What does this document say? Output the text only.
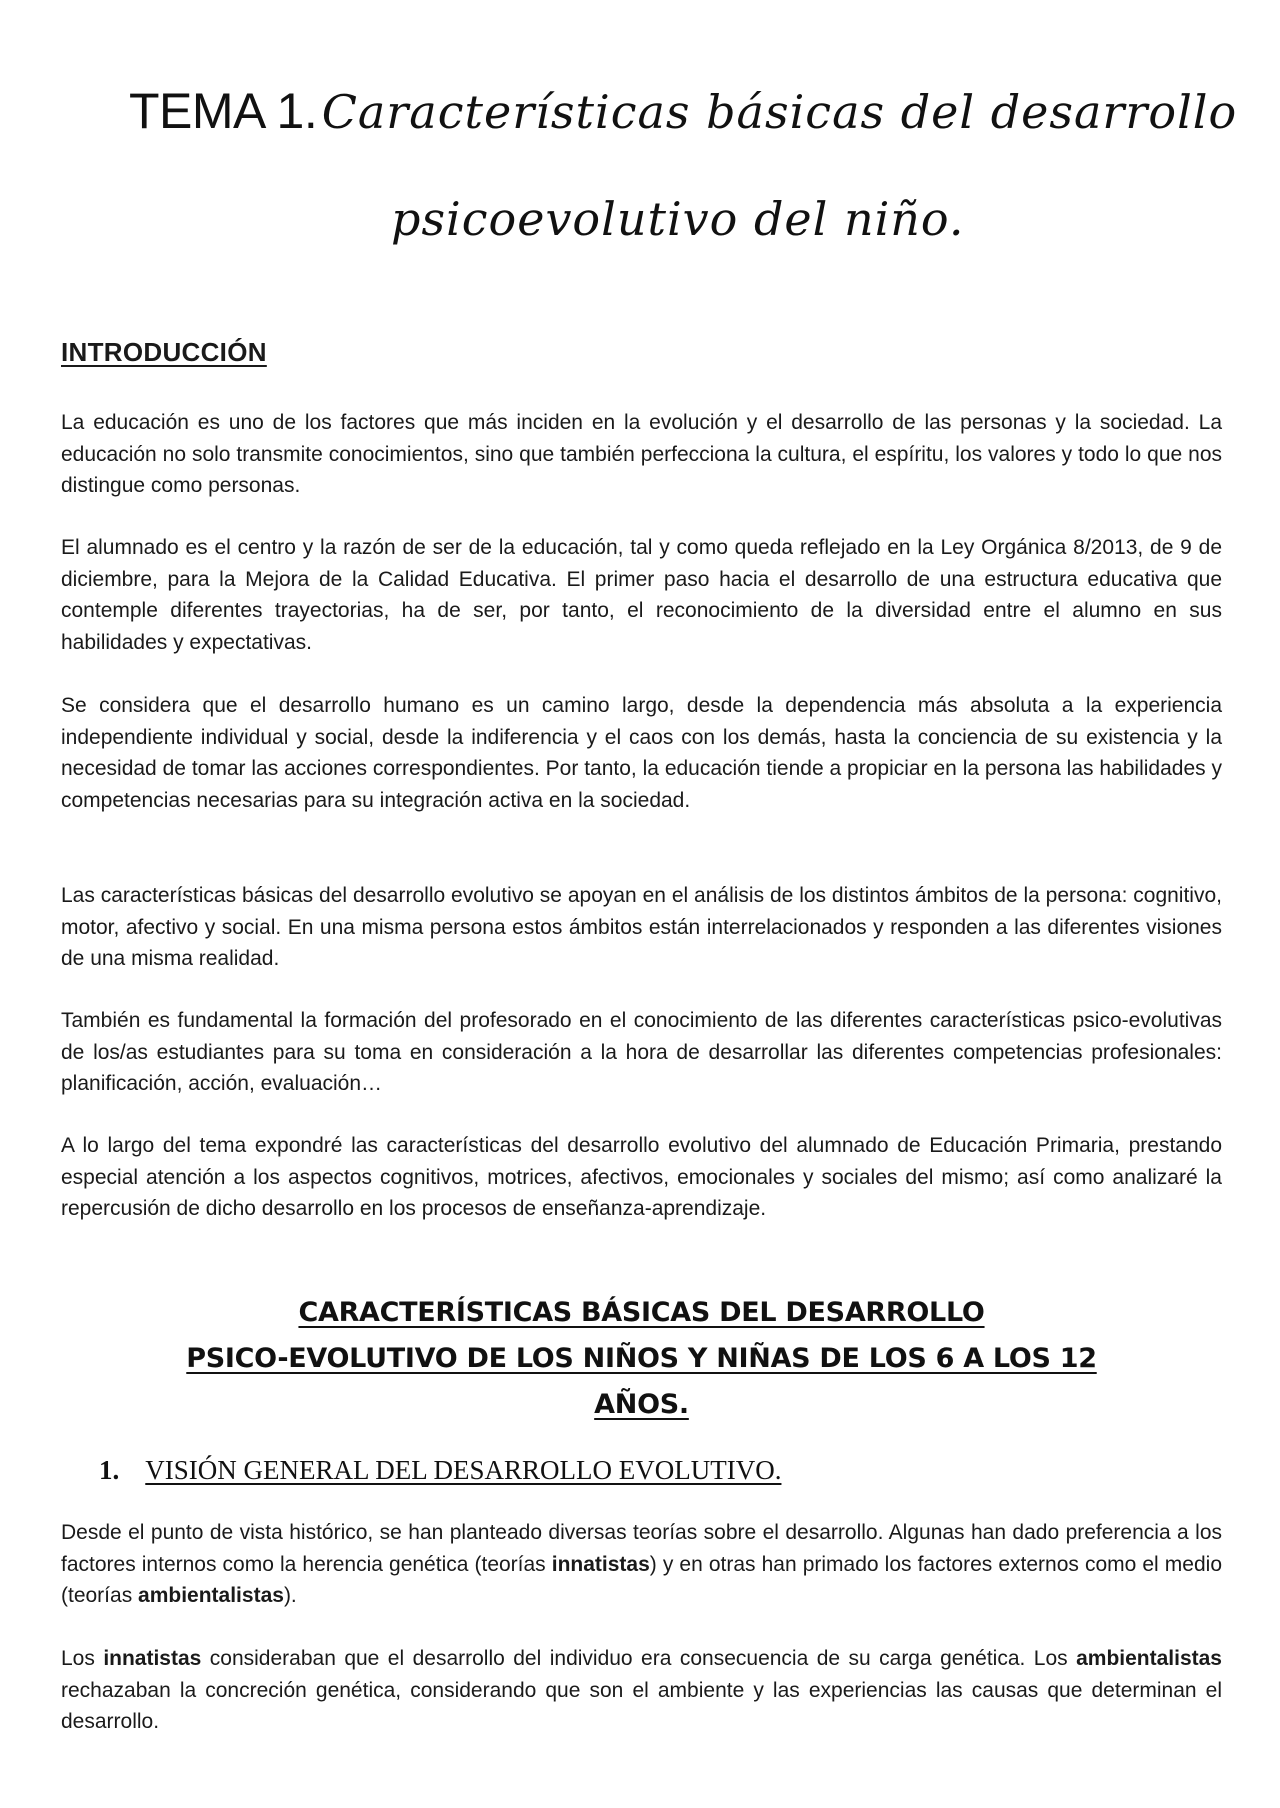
TEMA 1. Características básicas del desarrollo
psicoevolutivo del niño.
INTRODUCCIÓN

La educación es uno de los factores que más inciden en la evolución y el desarrollo de las personas y la sociedad. La educación no solo transmite conocimientos, sino que también perfecciona la cultura, el espíritu, los valores y todo lo que nos distingue como personas.

El alumnado es el centro y la razón de ser de la educación, tal y como queda reflejado en la Ley Orgánica 8/2013, de 9 de diciembre, para la Mejora de la Calidad Educativa. El primer paso hacia el desarrollo de una estructura educativa que contemple diferentes trayectorias, ha de ser, por tanto, el reconocimiento de la diversidad entre el alumno en sus habilidades y expectativas.

Se considera que el desarrollo humano es un camino largo, desde la dependencia más absoluta a la experiencia independiente individual y social, desde la indiferencia y el caos con los demás, hasta la conciencia de su existencia y la necesidad de tomar las acciones correspondientes. Por tanto, la educación tiende a propiciar en la persona las habilidades y competencias necesarias para su integración activa en la sociedad.

Las características básicas del desarrollo evolutivo se apoyan en el análisis de los distintos ámbitos de la persona: cognitivo, motor, afectivo y social. En una misma persona estos ámbitos están interrelacionados y responden a las diferentes visiones de una misma realidad.

También es fundamental la formación del profesorado en el conocimiento de las diferentes características psico-evolutivas de los/as estudiantes para su toma en consideración a la hora de desarrollar las diferentes competencias profesionales: planificación, acción, evaluación…

A lo largo del tema expondré las características del desarrollo evolutivo del alumnado de Educación Primaria, prestando especial atención a los aspectos cognitivos, motrices, afectivos, emocionales y sociales del mismo; así como analizaré la repercusión de dicho desarrollo en los procesos de enseñanza-aprendizaje.

CARACTERÍSTICAS BÁSICAS DEL DESARROLLO
PSICO-EVOLUTIVO DE LOS NIÑOS Y NIÑAS DE LOS 6 A LOS 12
AÑOS.
1. VISIÓN GENERAL DEL DESARROLLO EVOLUTIVO.

Desde el punto de vista histórico, se han planteado diversas teorías sobre el desarrollo. Algunas han dado preferencia a los factores internos como la herencia genética (teorías innatistas) y en otras han primado los factores externos como el medio (teorías ambientalistas).

Los innatistas consideraban que el desarrollo del individuo era consecuencia de su carga genética. Los ambientalistas rechazaban la concreción genética, considerando que son el ambiente y las experiencias las causas que determinan el desarrollo.
